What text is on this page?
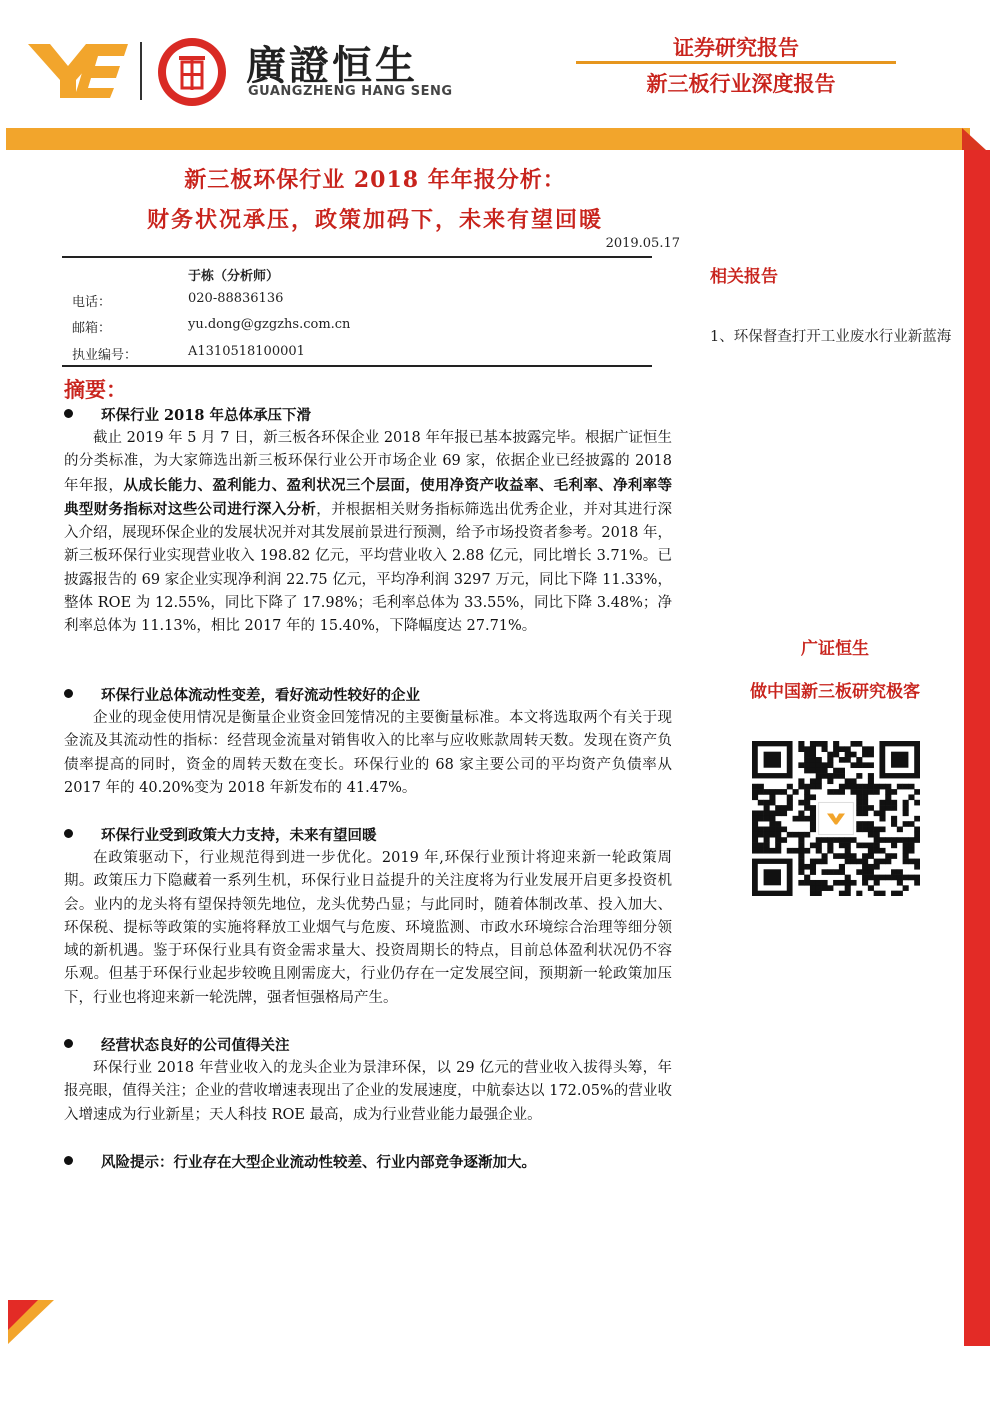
廣證恒生
GUANGZHENG HANG SENG
证券研究报告
新三板行业深度报告
新三板环保行业 2018 年年报分析：
财务状况承压，政策加码下，未来有望回暖
2019.05.17
于栋（分析师）
电话：	020-88836136
邮箱：	yu.dong@gzgzhs.com.cn
执业编号：	A1310518100001
摘要：
环保行业 2018 年总体承压下滑
截止 2019 年 5 月 7 日，新三板各环保企业 2018 年年报已基本披露完毕。根据广证恒生的分类标准，为大家筛选出新三板环保行业公开市场企业 69 家，依据企业已经披露的 2018 年年报，从成长能力、盈利能力、盈利状况三个层面，使用净资产收益率、毛利率、净利率等典型财务指标对这些公司进行深入分析，并根据相关财务指标筛选出优秀企业，并对其进行深入介绍，展现环保企业的发展状况并对其发展前景进行预测，给予市场投资者参考。2018 年，新三板环保行业实现营业收入 198.82 亿元，平均营业收入 2.88 亿元，同比增长 3.71%。已披露报告的 69 家企业实现净利润 22.75 亿元，平均净利润 3297 万元，同比下降 11.33%，整体 ROE 为 12.55%，同比下降了 17.98%；毛利率总体为 33.55%，同比下降 3.48%；净利率总体为 11.13%，相比 2017 年的 15.40%，下降幅度达 27.71%。
环保行业总体流动性变差，看好流动性较好的企业
企业的现金使用情况是衡量企业资金回笼情况的主要衡量标准。本文将选取两个有关于现金流及其流动性的指标：经营现金流量对销售收入的比率与应收账款周转天数。发现在资产负债率提高的同时，资金的周转天数在变长。环保行业的 68 家主要公司的平均资产负债率从 2017 年的 40.20%变为 2018 年新发布的 41.47%。
环保行业受到政策大力支持，未来有望回暖
在政策驱动下，行业规范得到进一步优化。2019 年,环保行业预计将迎来新一轮政策周期。政策压力下隐藏着一系列生机，环保行业日益提升的关注度将为行业发展开启更多投资机会。业内的龙头将有望保持领先地位，龙头优势凸显；与此同时，随着体制改革、投入加大、环保税、提标等政策的实施将释放工业烟气与危废、环境监测、市政水环境综合治理等细分领域的新机遇。鉴于环保行业具有资金需求量大、投资周期长的特点，目前总体盈利状况仍不容乐观。但基于环保行业起步较晚且刚需庞大，行业仍存在一定发展空间，预期新一轮政策加压下，行业也将迎来新一轮洗牌，强者恒强格局产生。
经营状态良好的公司值得关注
环保行业 2018 年营业收入的龙头企业为景津环保，以 29 亿元的营业收入拔得头筹，年报亮眼，值得关注；企业的营收增速表现出了企业的发展速度，中航泰达以 172.05%的营业收入增速成为行业新星；天人科技 ROE 最高，成为行业营业能力最强企业。
风险提示：行业存在大型企业流动性较差、行业内部竞争逐渐加大。
相关报告
1、环保督查打开工业废水行业新蓝海
广证恒生
做中国新三板研究极客
